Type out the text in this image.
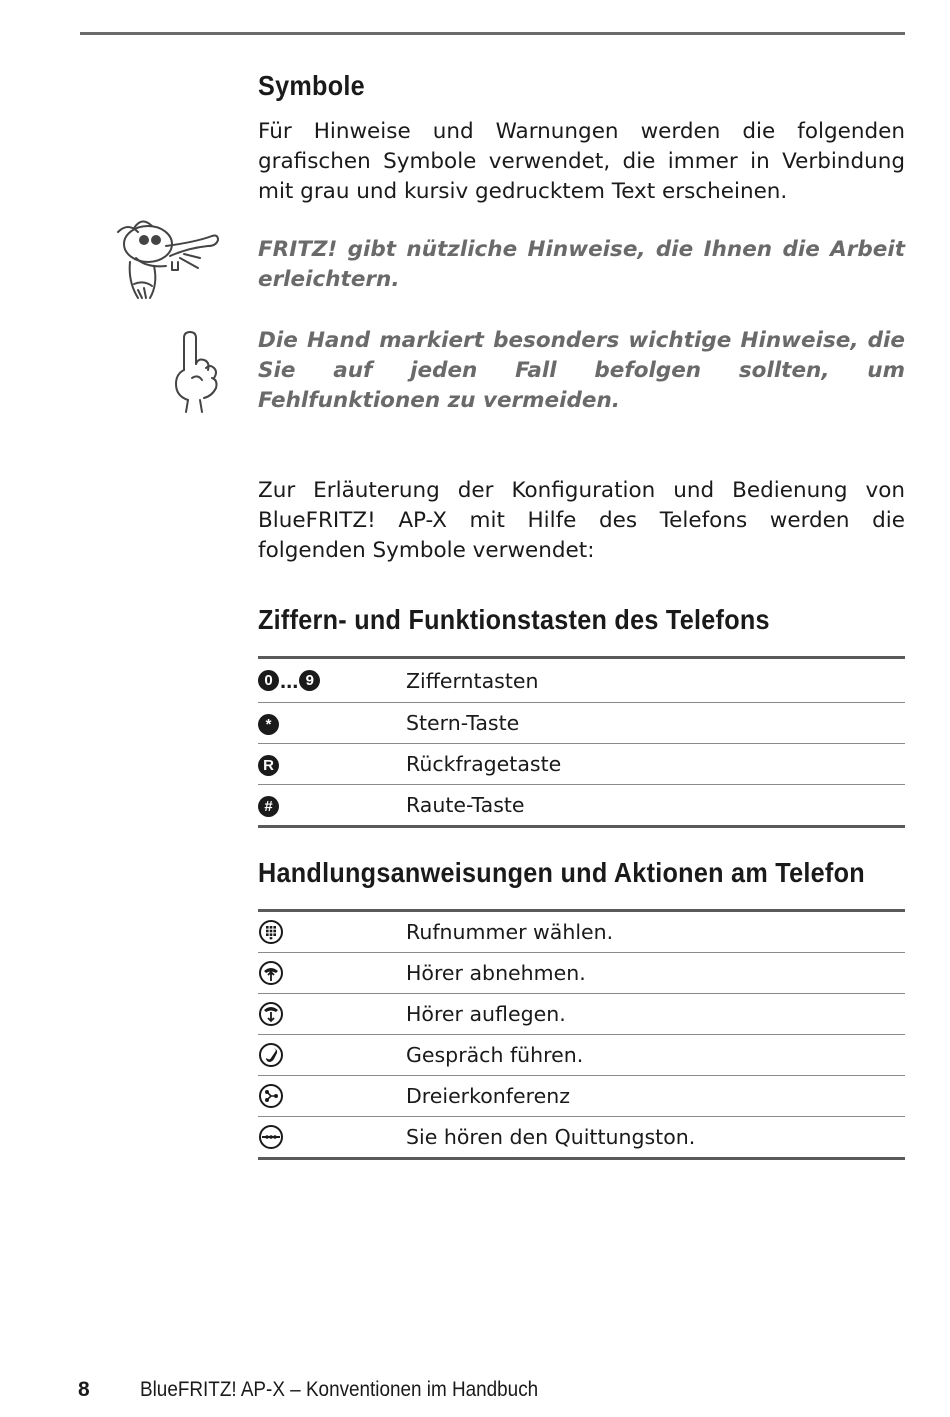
Symbole

Für Hinweise und Warnungen werden die folgenden grafischen Symbole verwendet, die immer in Verbindung mit grau und kursiv gedrucktem Text erscheinen.

FRITZ! gibt nützliche Hinweise, die Ihnen die Arbeit erleichtern.

Die Hand markiert besonders wichtige Hinweise, die Sie auf jeden Fall befolgen sollten, um Fehlfunktionen zu vermeiden.

Zur Erläuterung der Konfiguration und Bedienung von BlueFRITZ! AP-X mit Hilfe des Telefons werden die folgenden Symbole verwendet:

Ziffern- und Funktionstasten des Telefons
0 ... 9	Zifferntasten
*	Stern-Taste
R	Rückfragetaste
#	Raute-Taste
Handlungsanweisungen und Aktionen am Telefon
	Rufnummer wählen.
	Hörer abnehmen.
	Hörer auflegen.
	Gespräch führen.
	Dreierkonferenz
	Sie hören den Quittungston.
8 BlueFRITZ! AP-X – Konventionen im Handbuch
